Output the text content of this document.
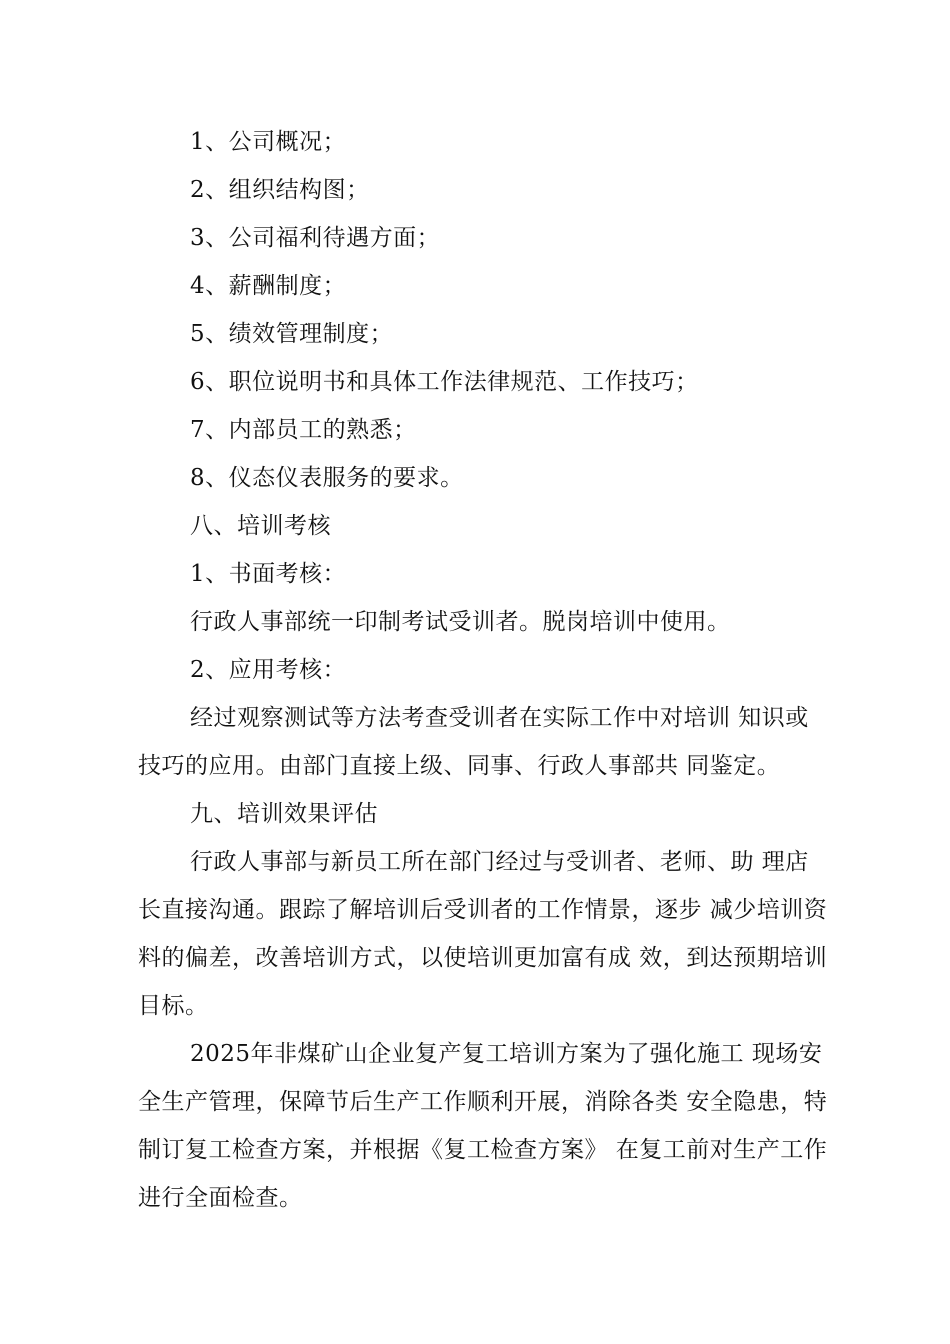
1、公司概况；
2、组织结构图；
3、公司福利待遇方面；
4、薪酬制度；
5、绩效管理制度；
6、职位说明书和具体工作法律规范、工作技巧；
7、内部员工的熟悉；
8、仪态仪表服务的要求。
八、培训考核
1、书面考核：
行政人事部统一印制考试受训者。脱岗培训中使用。
2、应用考核：
经过观察测试等方法考查受训者在实际工作中对培训 知识或
技巧的应用。由部门直接上级、同事、行政人事部共 同鉴定。
九、培训效果评估
行政人事部与新员工所在部门经过与受训者、老师、助 理店
长直接沟通。跟踪了解培训后受训者的工作情景，逐步 减少培训资
料的偏差，改善培训方式，以使培训更加富有成 效，到达预期培训
目标。
2025年非煤矿山企业复产复工培训方案为了强化施工 现场安
全生产管理，保障节后生产工作顺利开展，消除各类 安全隐患，特
制订复工检查方案，并根据《复工检查方案》 在复工前对生产工作
进行全面检查。
